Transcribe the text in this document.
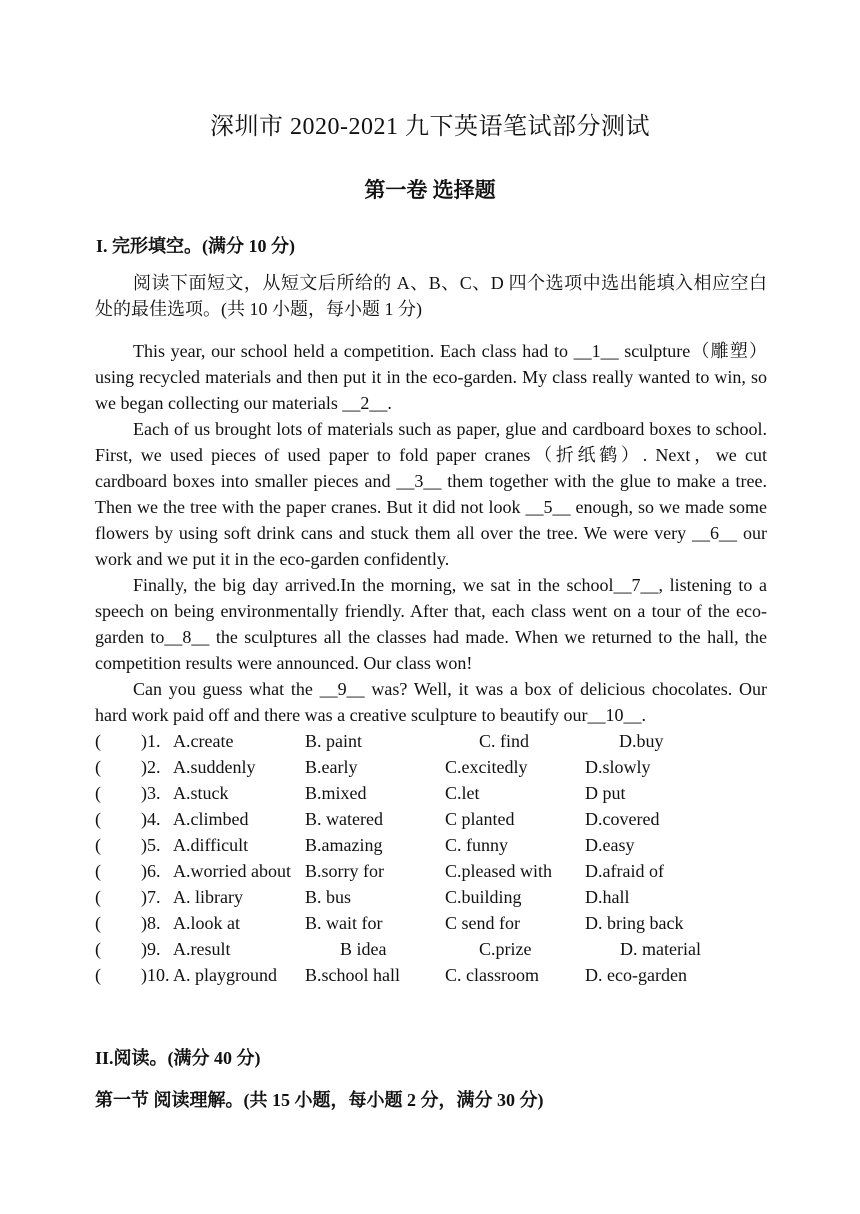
深圳市 2020-2021 九下英语笔试部分测试
第一卷 选择题
I. 完形填空。(满分 10 分)
阅读下面短文，从短文后所给的 A、B、C、D 四个选项中选出能填入相应空白处的最佳选项。(共 10 小题，每小题 1 分)
This year, our school held a competition. Each class had to __1__ sculpture（雕塑）using recycled materials and then put it in the eco-garden. My class really wanted to win, so we began collecting our materials __2__.
Each of us brought lots of materials such as paper, glue and cardboard boxes to school. First, we used pieces of used paper to fold paper cranes（折纸鹤）. Next，we cut cardboard boxes into smaller pieces and __3__ them together with the glue to make a tree. Then we the tree with the paper cranes. But it did not look __5__ enough, so we made some flowers by using soft drink cans and stuck them all over the tree. We were very __6__ our work and we put it in the eco-garden confidently.
Finally, the big day arrived.In the morning, we sat in the school__7__, listening to a speech on being environmentally friendly. After that, each class went on a tour of the eco-garden to__8__ the sculptures all the classes had made. When we returned to the hall, the competition results were announced. Our class won!
Can you guess what the __9__ was? Well, it was a box of delicious chocolates. Our hard work paid off and there was a creative sculpture to beautify our__10__.
( )1. A.create	B. paint	C. find	D.buy
( )2. A.suddenly	B.early	C.excitedly	D.slowly
( )3. A.stuck	B.mixed	C.let	D put
( )4. A.climbed	B. watered	C planted	D.covered
( )5. A.difficult	B.amazing	C. funny	D.easy
( )6. A.worried about B.sorry for	C.pleased with D.afraid of
( )7. A. library	B. bus	C.building	D.hall
( )8. A.look at	B. wait for	C send for	D. bring back
( )9. A.result	B idea	C.prize	D. material
( )10. A. playground B.school hall	C. classroom	D. eco-garden
II.阅读。(满分 40 分)
第一节 阅读理解。(共 15 小题，每小题 2 分，满分 30 分)
